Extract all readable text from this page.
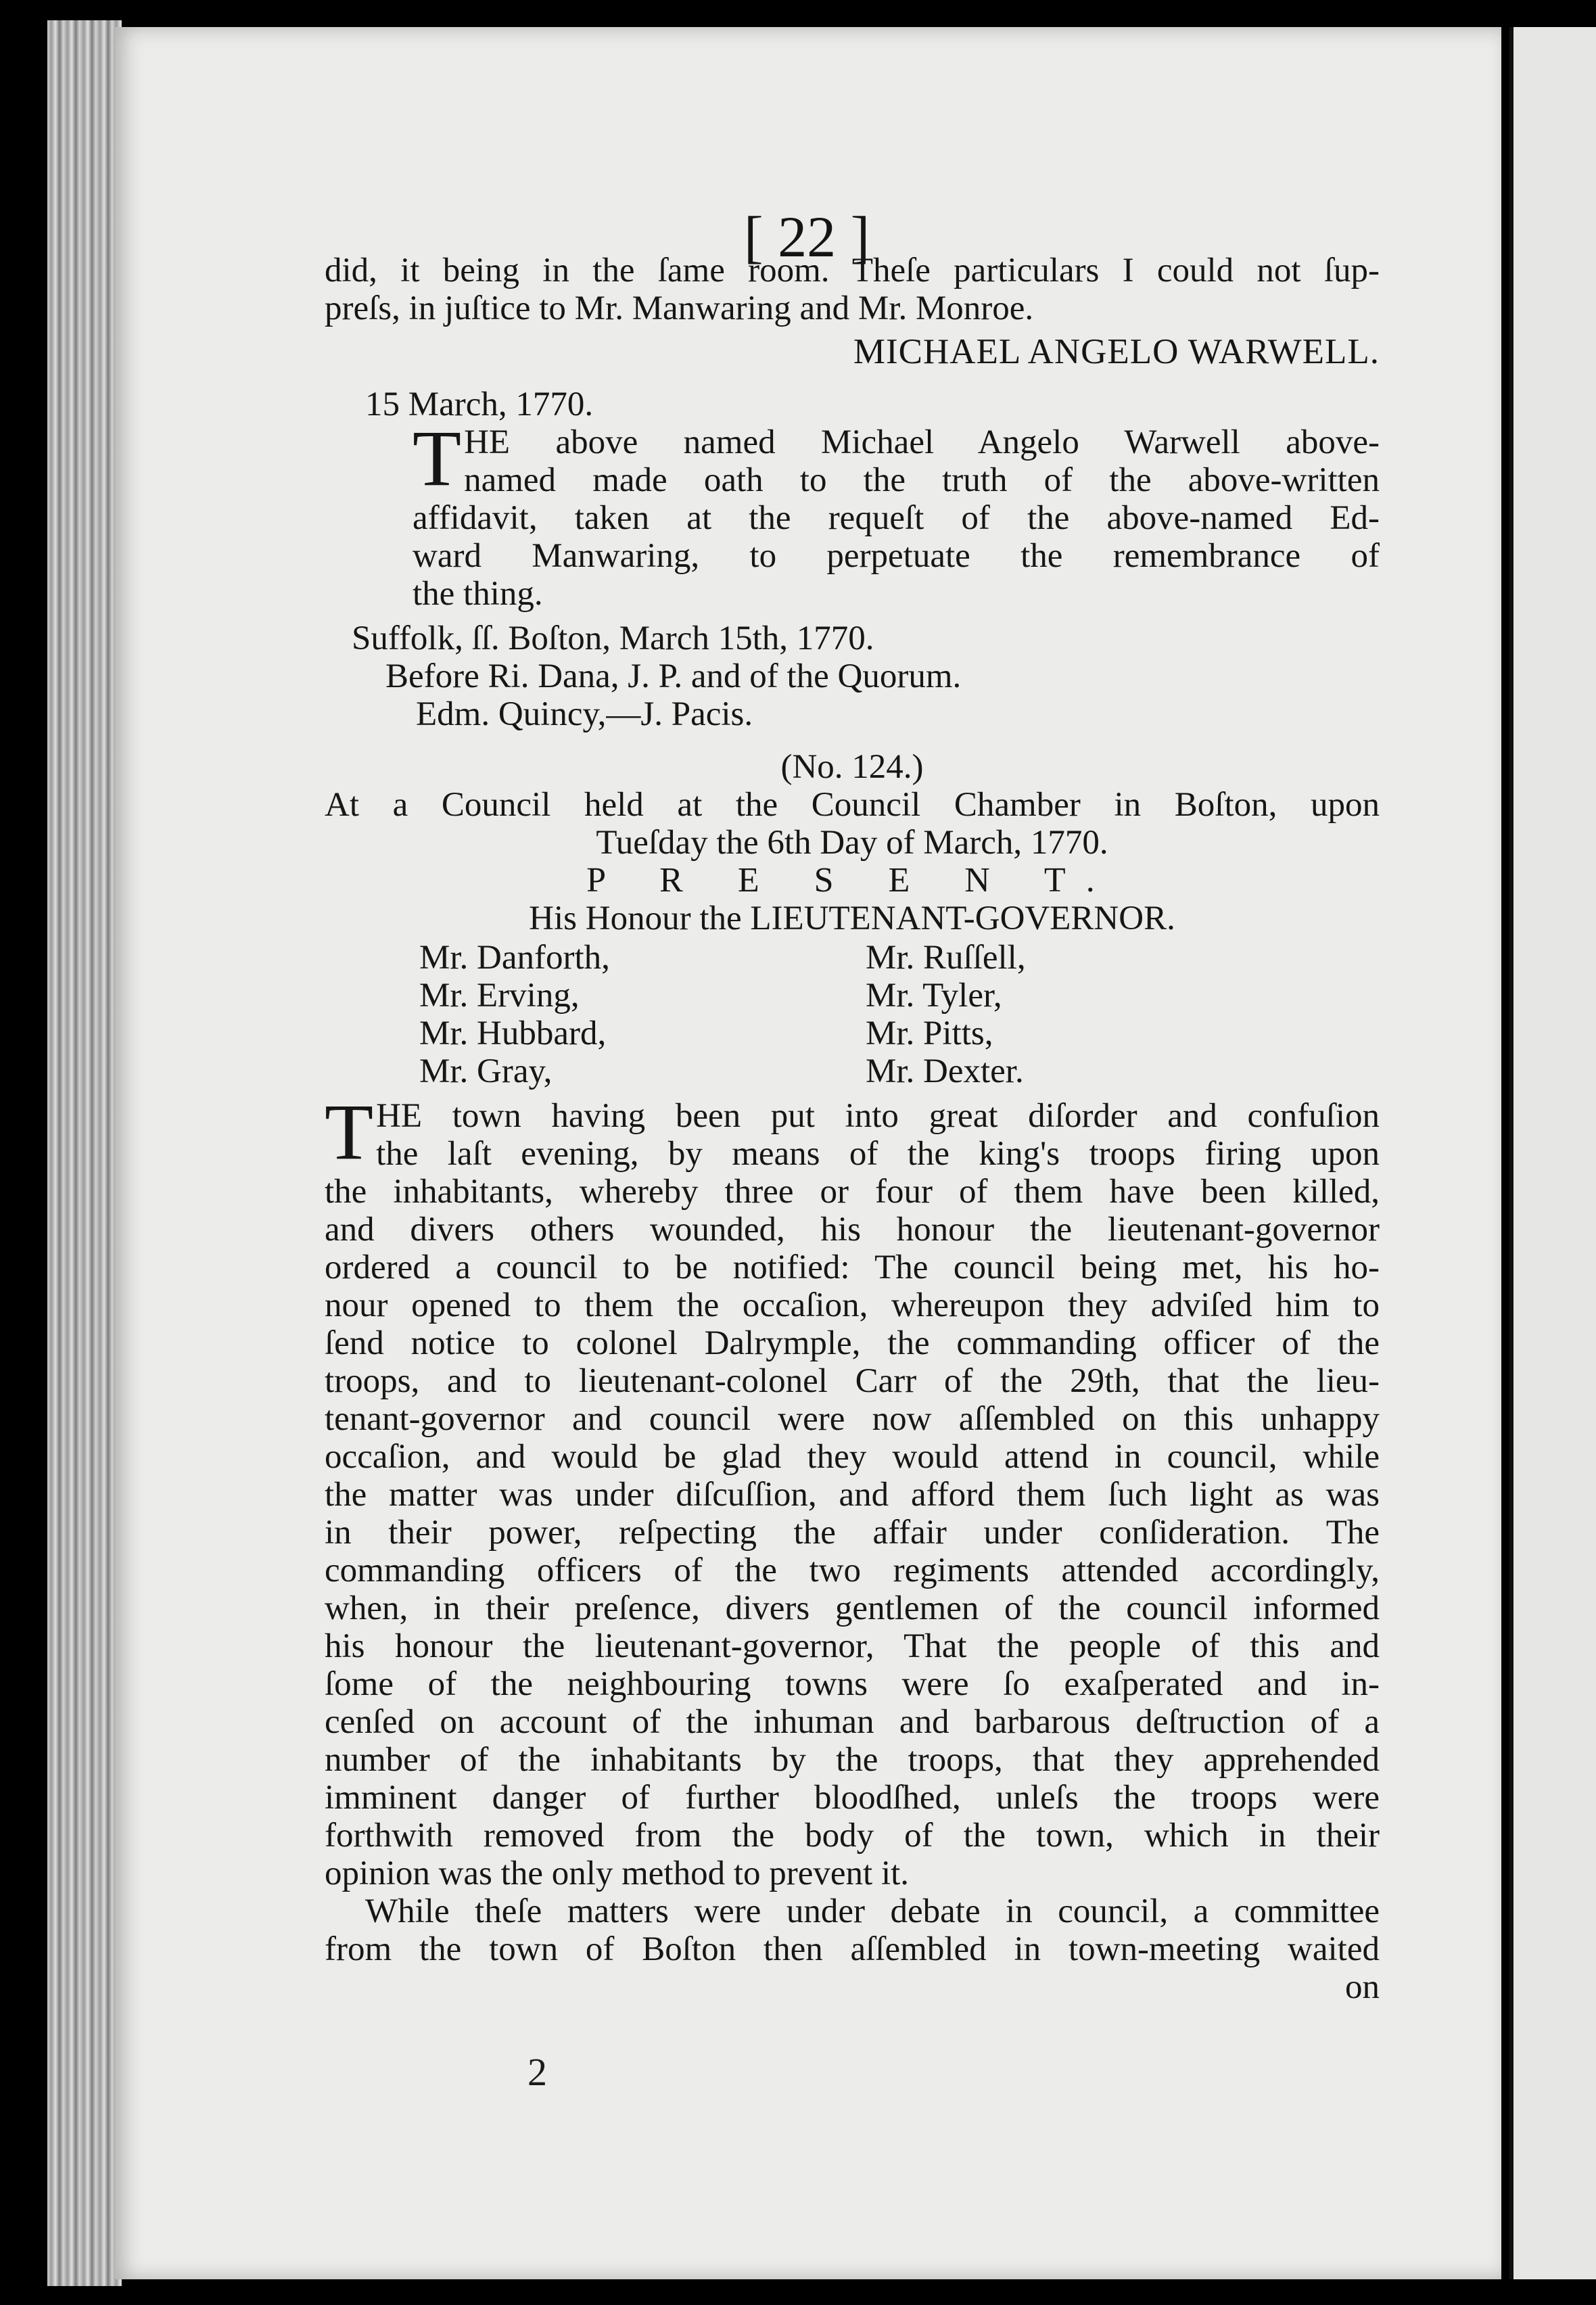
[ 22 ]
did, it being in the ſame room. Theſe particulars I could not ſup-
preſs, in juſtice to Mr. Manwaring and Mr. Monroe.
MICHAEL ANGELO WARWELL.
15 March, 1770.
T HE above named Michael Angelo Warwell above-
named made oath to the truth of the above-written
affidavit, taken at the requeſt of the above-named Ed-
ward Manwaring, to perpetuate the remembrance of
the thing.
Suffolk, ſſ. Boſton, March 15th, 1770.
Before Ri. Dana, J. P. and of the Quorum.
Edm. Quincy,—J. Pacis.
(No. 124.)
At a Council held at the Council Chamber in Boſton, upon
Tueſday the 6th Day of March, 1770.
P R E S E N T.
His Honour the LIEUTENANT-GOVERNOR.
Mr. Danforth,	Mr. Ruſſell,
Mr. Erving,	Mr. Tyler,
Mr. Hubbard,	Mr. Pitts,
Mr. Gray,	Mr. Dexter.
T HE town having been put into great diſorder and confuſion
the laſt evening, by means of the king's troops firing upon
the inhabitants, whereby three or four of them have been killed,
and divers others wounded, his honour the lieutenant-governor
ordered a council to be notified: The council being met, his ho-
nour opened to them the occaſion, whereupon they adviſed him to
ſend notice to colonel Dalrymple, the commanding officer of the
troops, and to lieutenant-colonel Carr of the 29th, that the lieu-
tenant-governor and council were now aſſembled on this unhappy
occaſion, and would be glad they would attend in council, while
the matter was under diſcuſſion, and afford them ſuch light as was
in their power, reſpecting the affair under conſideration. The
commanding officers of the two regiments attended accordingly,
when, in their preſence, divers gentlemen of the council informed
his honour the lieutenant-governor, That the people of this and
ſome of the neighbouring towns were ſo exaſperated and in-
cenſed on account of the inhuman and barbarous deſtruction of a
number of the inhabitants by the troops, that they apprehended
imminent danger of further bloodſhed, unleſs the troops were
forthwith removed from the body of the town, which in their
opinion was the only method to prevent it.
While theſe matters were under debate in council, a committee
from the town of Boſton then aſſembled in town-meeting waited
on
2
